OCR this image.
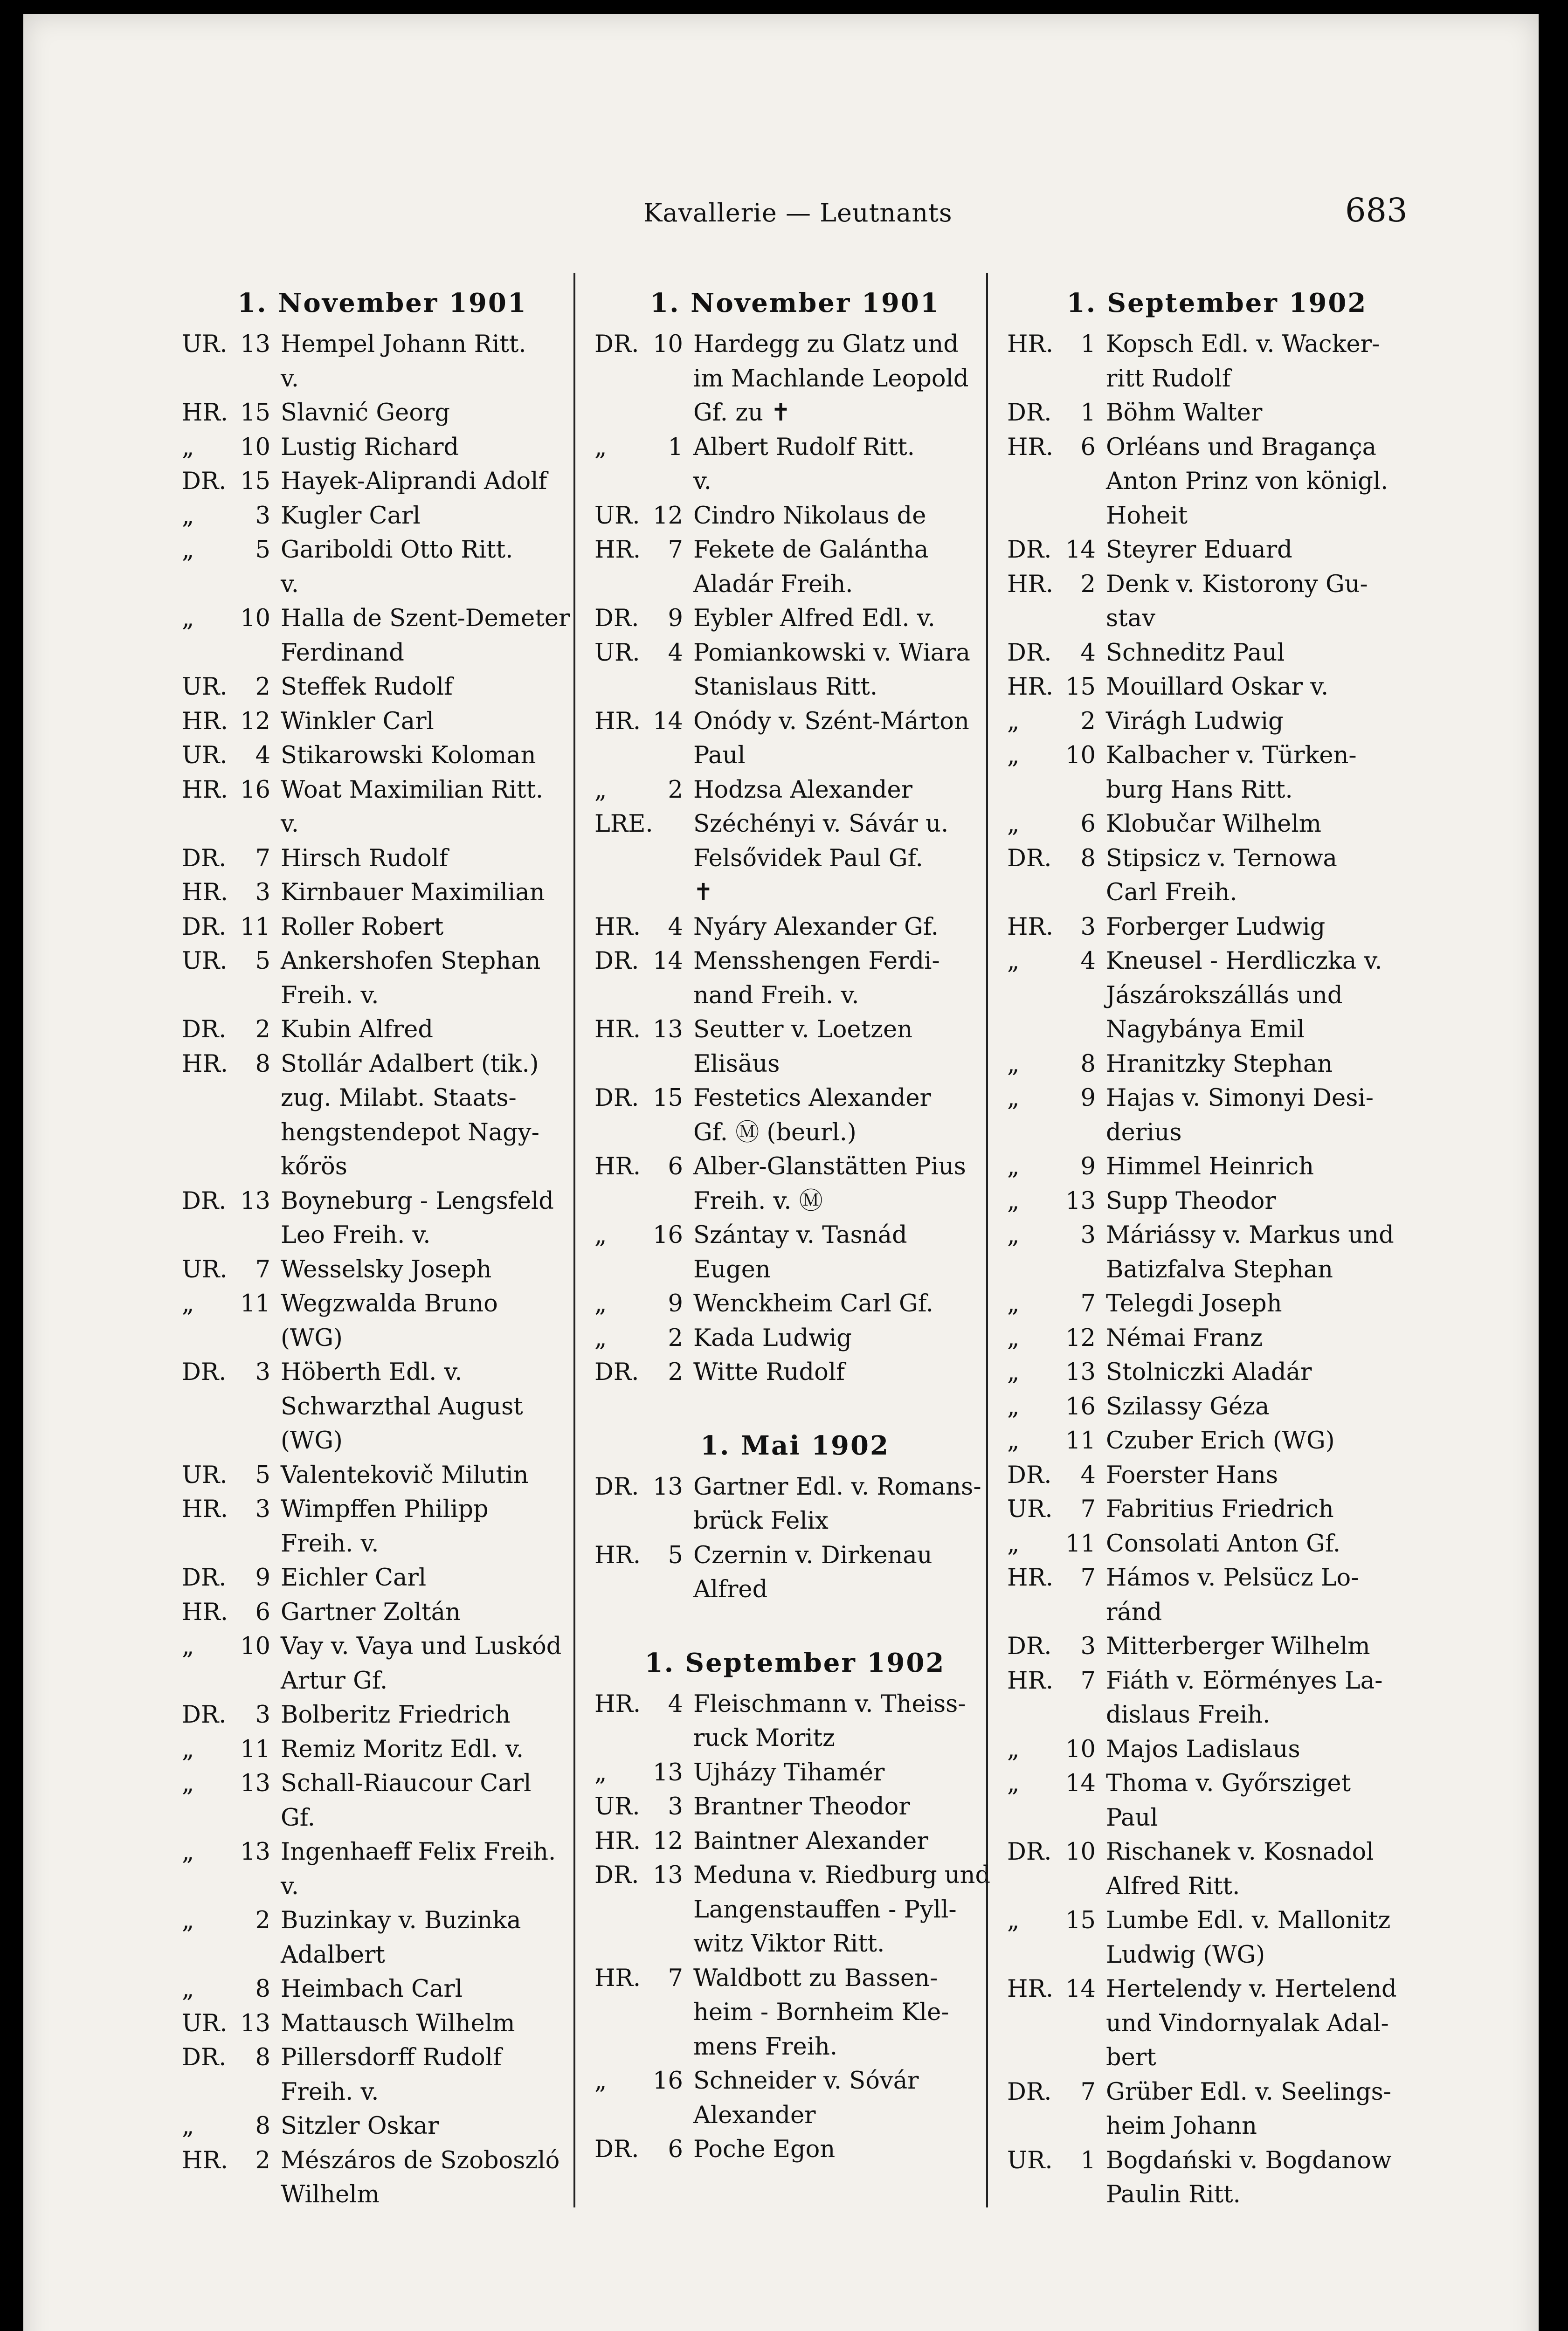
Kavallerie — Leutnants	683
1. November 1901
UR. 13 Hempel Johann Ritt.
v.
HR. 15 Slavnić Georg
„	10 Lustig Richard
DR. 15 Hayek-Aliprandi Adolf
„	3 Kugler Carl
„	5 Gariboldi Otto Ritt.
v.
„	10 Halla de Szent-Demeter
Ferdinand
UR.	2 Steffek Rudolf
HR. 12 Winkler Carl
UR.	4 Stikarowski Koloman
HR. 16 Woat Maximilian Ritt.
v.
DR.	7 Hirsch Rudolf
HR.	3 Kirnbauer Maximilian
DR. 11 Roller Robert
UR.	5 Ankershofen Stephan
Freih. v.
DR.	2 Kubin Alfred
HR.	8 Stollár Adalbert (tik.)
zug. Milabt. Staats-
hengstendepot Nagy-
kőrös
DR. 13 Boyneburg - Lengsfeld
Leo Freih. v.
UR.	7 Wesselsky Joseph
„	11 Wegzwalda Bruno
(WG)
DR.	3 Höberth Edl. v.
Schwarzthal August
(WG)
UR.	5 Valentekovič Milutin
HR.	3 Wimpffen Philipp
Freih. v.
DR.	9 Eichler Carl
HR.	6 Gartner Zoltán
„	10 Vay v. Vaya und Luskód
Artur Gf.
DR.	3 Bolberitz Friedrich
„	11 Remiz Moritz Edl. v.
„	13 Schall-Riaucour Carl
Gf.
„	13 Ingenhaeff Felix Freih.
v.
„	2 Buzinkay v. Buzinka
Adalbert
„	8 Heimbach Carl
UR. 13 Mattausch Wilhelm
DR.	8 Pillersdorff Rudolf
Freih. v.
„	8 Sitzler Oskar
HR.	2 Mészáros de Szoboszló
Wilhelm
1. November 1901
DR. 10 Hardegg zu Glatz und
im Machlande Leopold
Gf. zu ✝
„	1 Albert Rudolf Ritt.
v.
UR. 12 Cindro Nikolaus de
HR.	7 Fekete de Galántha
Aladár Freih.
DR.	9 Eybler Alfred Edl. v.
UR.	4 Pomiankowski v. Wiara
Stanislaus Ritt.
HR. 14 Onódy v. Szént-Márton
Paul
„	2 Hodzsa Alexander
LRE. Széchényi v. Sávár u.
Felsővidek Paul Gf.
✝
HR.	4 Nyáry Alexander Gf.
DR. 14 Mensshengen Ferdi-
nand Freih. v.
HR. 13 Seutter v. Loetzen
Elisäus
DR. 15 Festetics Alexander
Gf. Ⓜ (beurl.)
HR.	6 Alber-Glanstätten Pius
Freih. v. Ⓜ
„	16 Szántay v. Tasnád
Eugen
„	9 Wenckheim Carl Gf.
„	2 Kada Ludwig
DR.	2 Witte Rudolf
1. Mai 1902
DR. 13 Gartner Edl. v. Romans-
brück Felix
HR.	5 Czernin v. Dirkenau
Alfred
1. September 1902
HR.	4 Fleischmann v. Theiss-
ruck Moritz
„	13 Ujházy Tihamér
UR.	3 Brantner Theodor
HR. 12 Baintner Alexander
DR. 13 Meduna v. Riedburg und
Langenstauffen - Pyll-
witz Viktor Ritt.
HR.	7 Waldbott zu Bassen-
heim - Bornheim Kle-
mens Freih.
„	16 Schneider v. Sóvár
Alexander
DR.	6 Poche Egon
1. September 1902
HR.	1 Kopsch Edl. v. Wacker-
ritt Rudolf
DR.	1 Böhm Walter
HR.	6 Orléans und Bragança
Anton Prinz von königl.
Hoheit
DR. 14 Steyrer Eduard
HR.	2 Denk v. Kistorony Gu-
stav
DR.	4 Schneditz Paul
HR. 15 Mouillard Oskar v.
„	2 Virágh Ludwig
„	10 Kalbacher v. Türken-
burg Hans Ritt.
„	6 Klobučar Wilhelm
DR.	8 Stipsicz v. Ternowa
Carl Freih.
HR.	3 Forberger Ludwig
„	4 Kneusel - Herdliczka v.
Jászárokszállás und
Nagybánya Emil
„	8 Hranitzky Stephan
„	9 Hajas v. Simonyi Desi-
derius
„	9 Himmel Heinrich
„	13 Supp Theodor
„	3 Máriássy v. Markus und
Batizfalva Stephan
„	7 Telegdi Joseph
„	12 Némai Franz
„	13 Stolniczki Aladár
„	16 Szilassy Géza
„	11 Czuber Erich (WG)
DR.	4 Foerster Hans
UR.	7 Fabritius Friedrich
„	11 Consolati Anton Gf.
HR.	7 Hámos v. Pelsücz Lo-
ránd
DR.	3 Mitterberger Wilhelm
HR.	7 Fiáth v. Eörményes La-
dislaus Freih.
„	10 Majos Ladislaus
„	14 Thoma v. Győrsziget
Paul
DR. 10 Rischanek v. Kosnadol
Alfred Ritt.
„	15 Lumbe Edl. v. Mallonitz
Ludwig (WG)
HR. 14 Hertelendy v. Hertelend
und Vindornyalak Adal-
bert
DR.	7 Grüber Edl. v. Seelings-
heim Johann
UR.	1 Bogdański v. Bogdanow
Paulin Ritt.
